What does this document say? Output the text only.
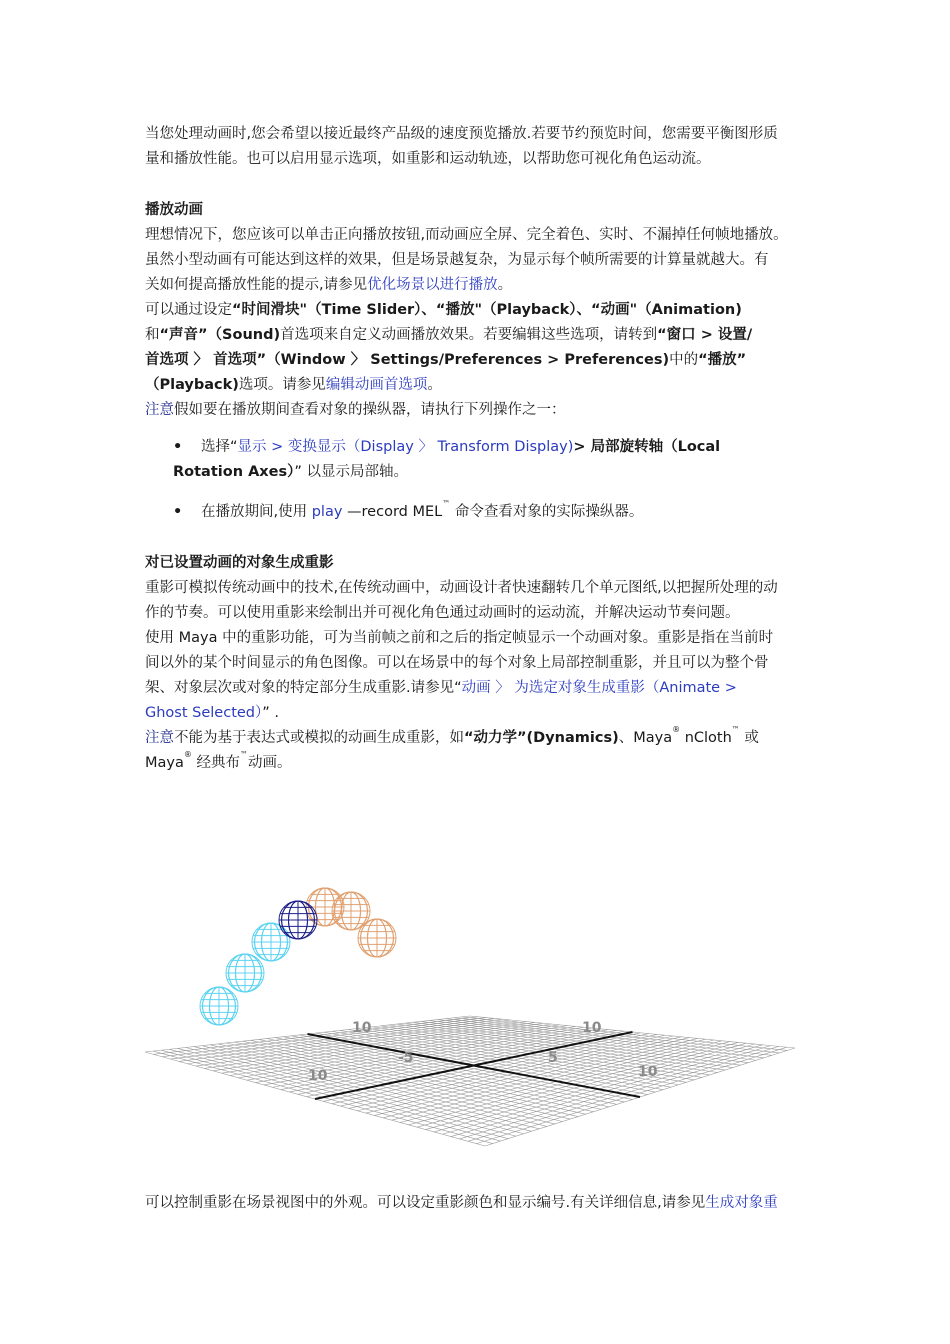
当您处理动画时,您会希望以接近最终产品级的速度预览播放.若要节约预览时间，您需要平衡图形质

量和播放性能。也可以启用显示选项，如重影和运动轨迹，以帮助您可视化角色运动流。

播放动画

理想情况下，您应该可以单击正向播放按钮,而动画应全屏、完全着色、实时、不漏掉任何帧地播放。

虽然小型动画有可能达到这样的效果，但是场景越复杂，为显示每个帧所需要的计算量就越大。有

关如何提高播放性能的提示,请参见优化场景以进行播放。

可以通过设定“时间滑块"（Time Slider）、“播放"（Playback）、“动画"（Animation)

和“声音”（Sound)首选项来自定义动画播放效果。若要编辑这些选项，请转到“窗口 > 设置/

首选项 〉 首选项”（Window 〉 Settings/Preferences > Preferences)中的“播放”

（Playback)选项。请参见编辑动画首选项。

注意假如要在播放期间查看对象的操纵器，请执行下列操作之一：

• 选择“显示 > 变换显示（Display 〉 Transform Display)> 局部旋转轴（Local
Rotation Axes）” 以显示局部轴。
• 在播放期间,使用 play —record MEL™ 命令查看对象的实际操纵器。
对已设置动画的对象生成重影

重影可模拟传统动画中的技术,在传统动画中，动画设计者快速翻转几个单元图纸,以把握所处理的动

作的节奏。可以使用重影来绘制出并可视化角色通过动画时的运动流，并解决运动节奏问题。

使用 Maya 中的重影功能，可为当前帧之前和之后的指定帧显示一个动画对象。重影是指在当前时

间以外的某个时间显示的角色图像。可以在场景中的每个对象上局部控制重影，并且可以为整个骨

架、对象层次或对象的特定部分生成重影.请参见“动画 〉 为选定对象生成重影（Animate >

Ghost Selected）” .

注意不能为基于表达式或模拟的动画生成重影，如“动力学”(Dynamics)、Maya® nCloth™ 或

Maya® 经典布™动画。

10	10
-5	5
10	10
可以控制重影在场景视图中的外观。可以设定重影颜色和显示编号.有关详细信息,请参见生成对象重
